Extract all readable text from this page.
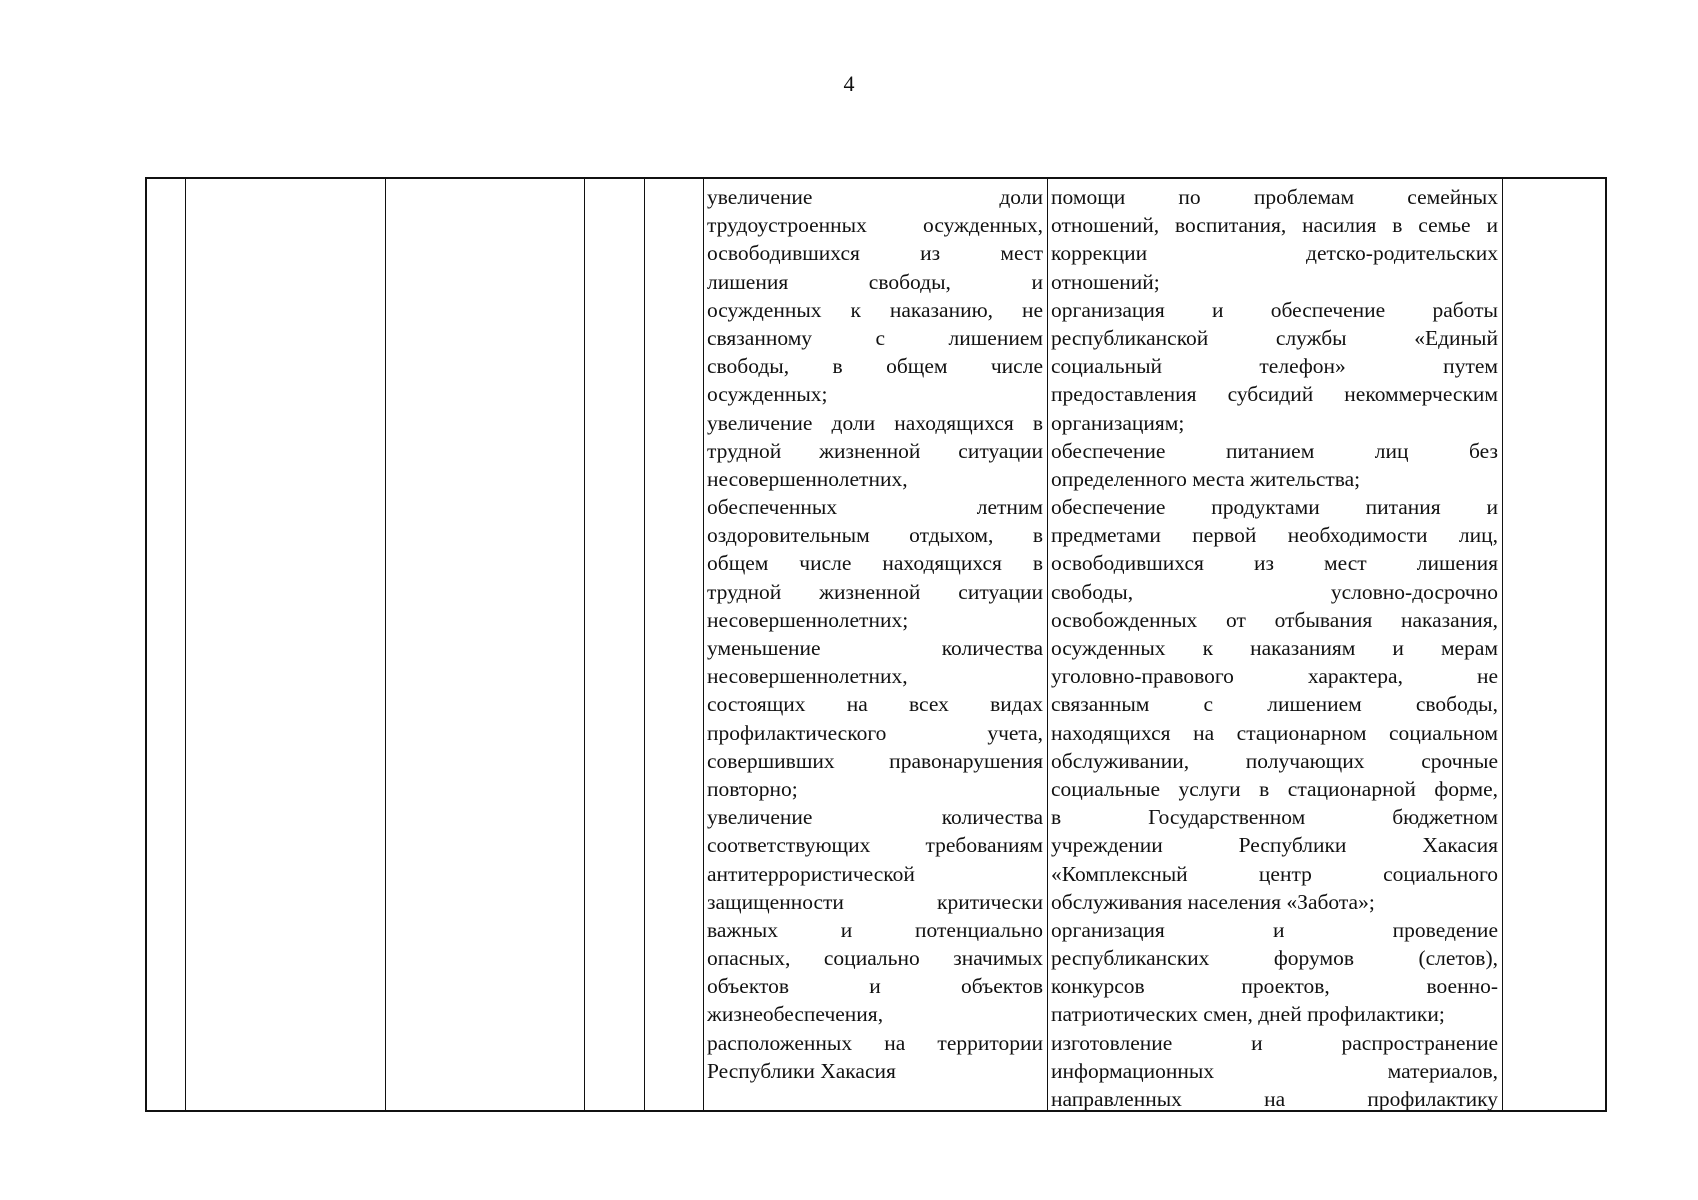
4
увеличение доли
трудоустроенных осужденных,
освободившихся из мест
лишения свободы, и
осужденных к наказанию, не
связанному с лишением
свободы, в общем числе
осужденных;
увеличение доли находящихся в
трудной жизненной ситуации
несовершеннолетних,
обеспеченных летним
оздоровительным отдыхом, в
общем числе находящихся в
трудной жизненной ситуации
несовершеннолетних;
уменьшение количества
несовершеннолетних,
состоящих на всех видах
профилактического учета,
совершивших правонарушения
повторно;
увеличение количества
соответствующих требованиям
антитеррористической
защищенности критически
важных и потенциально
опасных, социально значимых
объектов и объектов
жизнеобеспечения,
расположенных на территории
Республики Хакасия
помощи по проблемам семейных
отношений, воспитания, насилия в семье и
коррекции детско-родительских
отношений;
организация и обеспечение работы
республиканской службы «Единый
социальный телефон» путем
предоставления субсидий некоммерческим
организациям;
обеспечение питанием лиц без
определенного места жительства;
обеспечение продуктами питания и
предметами первой необходимости лиц,
освободившихся из мест лишения
свободы, условно-досрочно
освобожденных от отбывания наказания,
осужденных к наказаниям и мерам
уголовно-правового характера, не
связанным с лишением свободы,
находящихся на стационарном социальном
обслуживании, получающих срочные
социальные услуги в стационарной форме,
в Государственном бюджетном
учреждении Республики Хакасия
«Комплексный центр социального
обслуживания населения «Забота»;
организация и проведение
республиканских форумов (слетов),
конкурсов проектов, военно-
патриотических смен, дней профилактики;
изготовление и распространение
информационных материалов,
направленных на профилактику
